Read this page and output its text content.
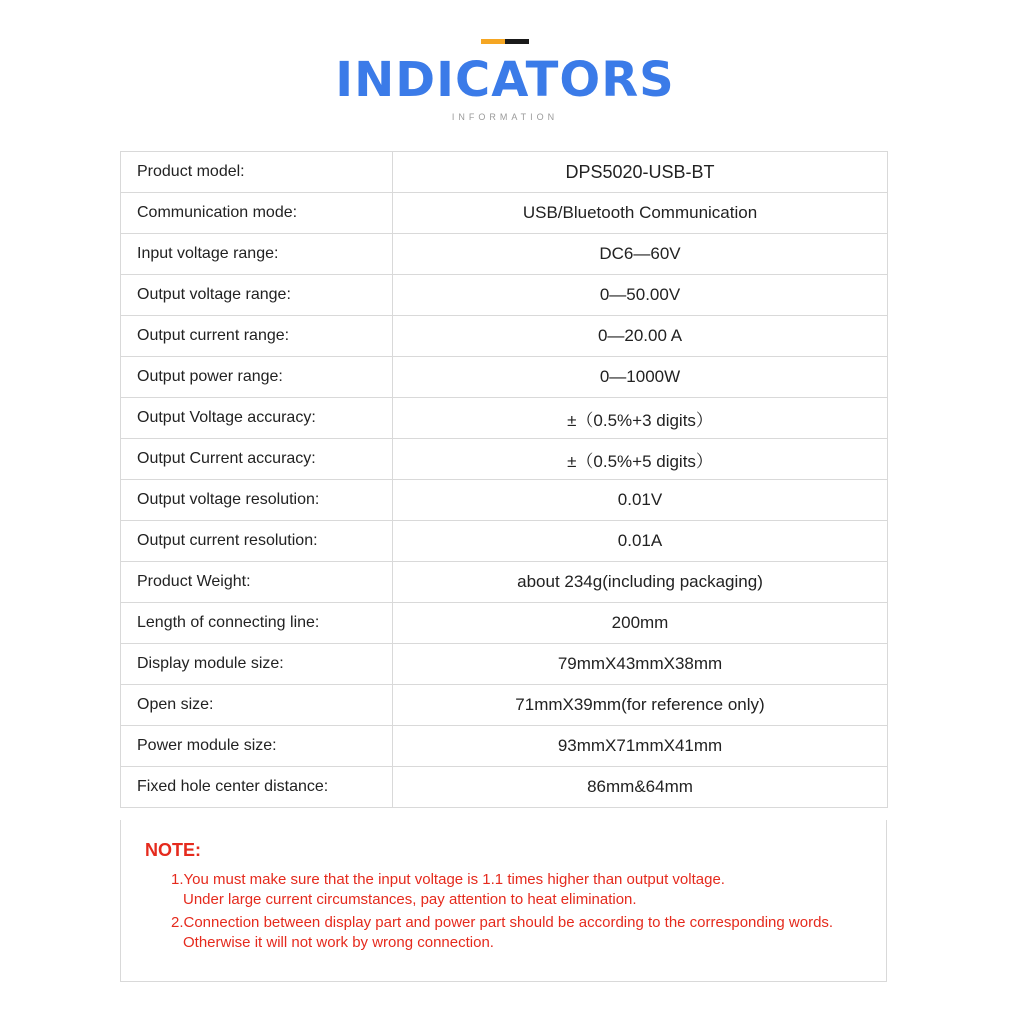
INDICATORS
INFORMATION
Product model:	DPS5020-USB-BT
Communication mode:	USB/Bluetooth Communication
Input voltage range:	DC6—60V
Output voltage range:	0—50.00V
Output current range:	0—20.00 A
Output power range:	0—1000W
Output Voltage accuracy:	±（0.5%+3 digits）
Output Current accuracy:	±（0.5%+5 digits）
Output voltage resolution:	0.01V
Output current resolution:	0.01A
Product Weight:	about 234g(including packaging)
Length of connecting line:	200mm
Display module size:	79mmX43mmX38mm
Open size:	71mmX39mm(for reference only)
Power module size:	93mmX71mmX41mm
Fixed hole center distance:	86mm&64mm
NOTE:
1.You must make sure that the input voltage is 1.1 times higher than output voltage.
Under large current circumstances, pay attention to heat elimination.
2.Connection between display part and power part should be according to the corresponding words.
Otherwise it will not work by wrong connection.
